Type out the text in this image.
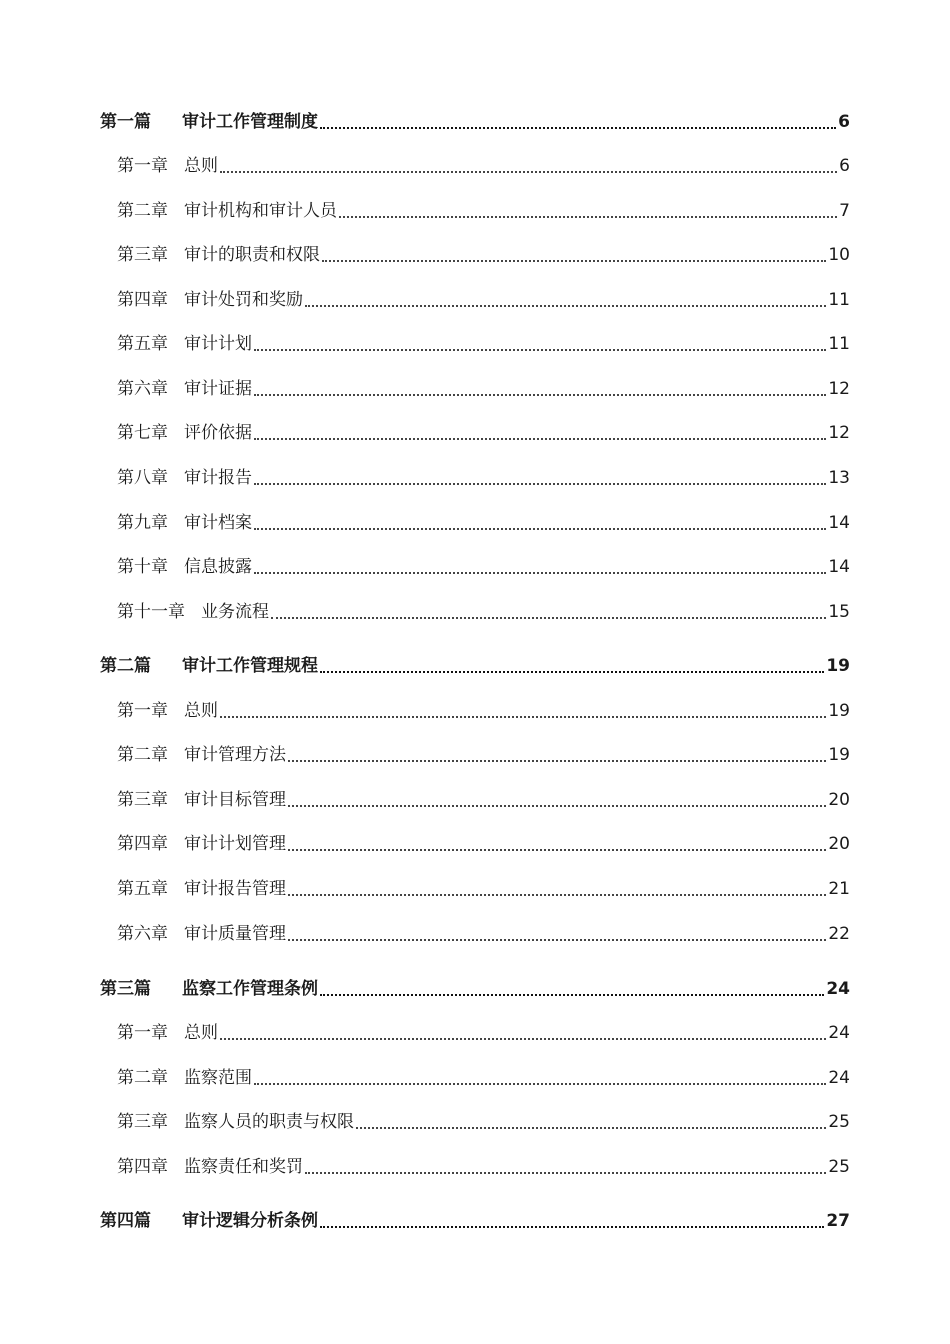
第一篇	审计工作管理制度	6
第一章 总则	6
第二章 审计机构和审计人员	7
第三章 审计的职责和权限	10
第四章 审计处罚和奖励	11
第五章 审计计划	11
第六章 审计证据	12
第七章 评价依据	12
第八章 审计报告	13
第九章 审计档案	14
第十章 信息披露	14
第十一章 业务流程	15
第二篇	审计工作管理规程	19
第一章 总则	19
第二章 审计管理方法	19
第三章 审计目标管理	20
第四章 审计计划管理	20
第五章 审计报告管理	21
第六章 审计质量管理	22
第三篇	监察工作管理条例	24
第一章 总则	24
第二章 监察范围	24
第三章 监察人员的职责与权限	25
第四章 监察责任和奖罚	25
第四篇	审计逻辑分析条例	27
